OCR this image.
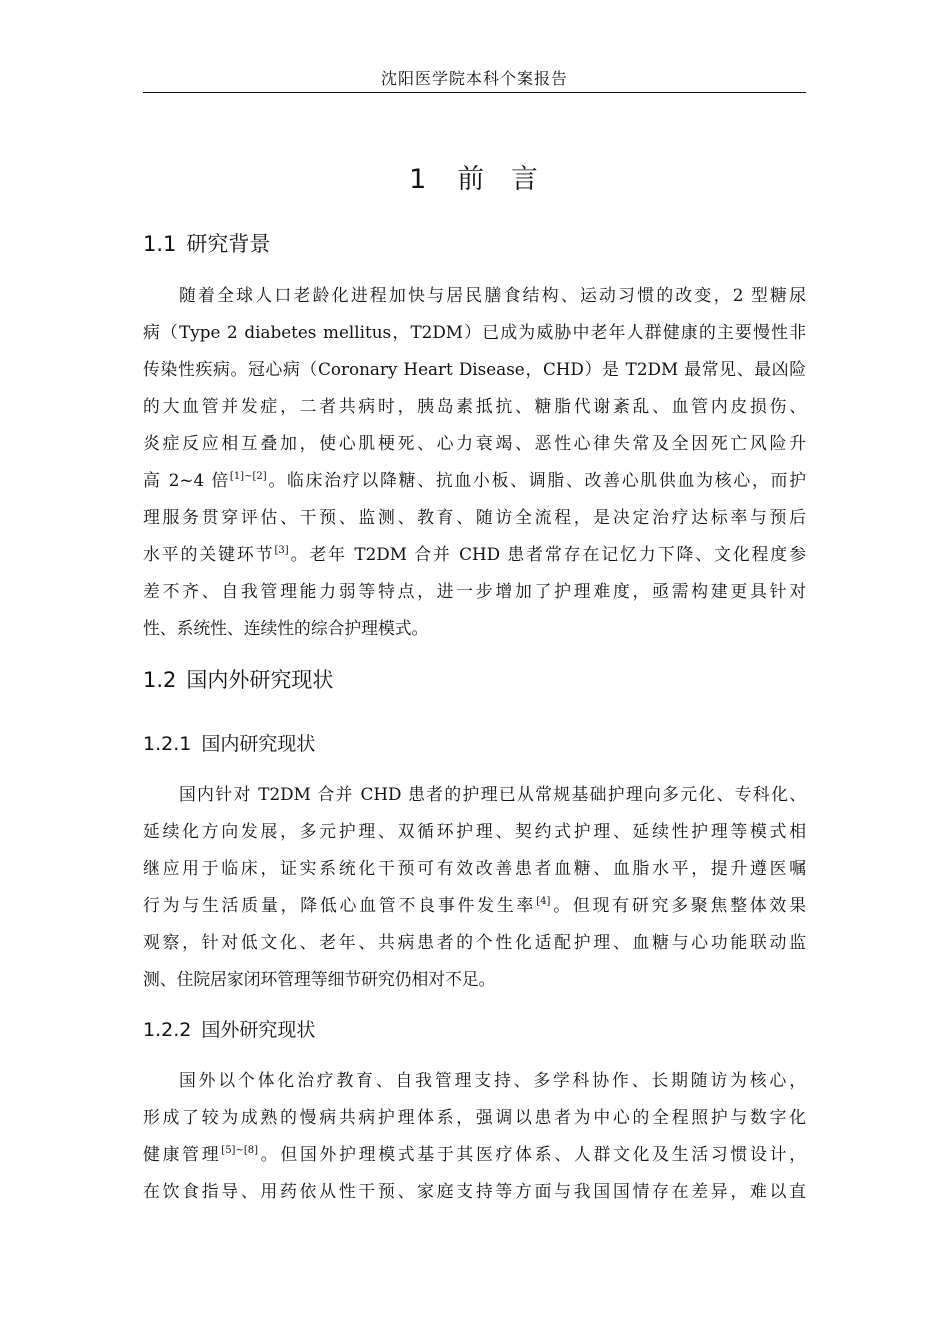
沈阳医学院本科个案报告
1　前 言
1.1 研究背景
随着全球人口老龄化进程加快与居民膳食结构、运动习惯的改变，2 型糖尿
病（Type 2 diabetes mellitus，T2DM）已成为威胁中老年人群健康的主要慢性非
传染性疾病。冠心病（Coronary Heart Disease，CHD）是 T2DM 最常见、最凶险
的大血管并发症，二者共病时，胰岛素抵抗、糖脂代谢紊乱、血管内皮损伤、
炎症反应相互叠加，使心肌梗死、心力衰竭、恶性心律失常及全因死亡风险升
高 2~4 倍[1]~[2]。临床治疗以降糖、抗血小板、调脂、改善心肌供血为核心，而护
理服务贯穿评估、干预、监测、教育、随访全流程，是决定治疗达标率与预后
水平的关键环节[3]。老年 T2DM 合并 CHD 患者常存在记忆力下降、文化程度参
差不齐、自我管理能力弱等特点，进一步增加了护理难度，亟需构建更具针对
性、系统性、连续性的综合护理模式。
1.2 国内外研究现状
1.2.1 国内研究现状
国内针对 T2DM 合并 CHD 患者的护理已从常规基础护理向多元化、专科化、
延续化方向发展，多元护理、双循环护理、契约式护理、延续性护理等模式相
继应用于临床，证实系统化干预可有效改善患者血糖、血脂水平，提升遵医嘱
行为与生活质量，降低心血管不良事件发生率[4]。但现有研究多聚焦整体效果
观察，针对低文化、老年、共病患者的个性化适配护理、血糖与心功能联动监
测、住院居家闭环管理等细节研究仍相对不足。
1.2.2 国外研究现状
国外以个体化治疗教育、自我管理支持、多学科协作、长期随访为核心，
形成了较为成熟的慢病共病护理体系，强调以患者为中心的全程照护与数字化
健康管理[5]~[8]。但国外护理模式基于其医疗体系、人群文化及生活习惯设计，
在饮食指导、用药依从性干预、家庭支持等方面与我国国情存在差异，难以直
